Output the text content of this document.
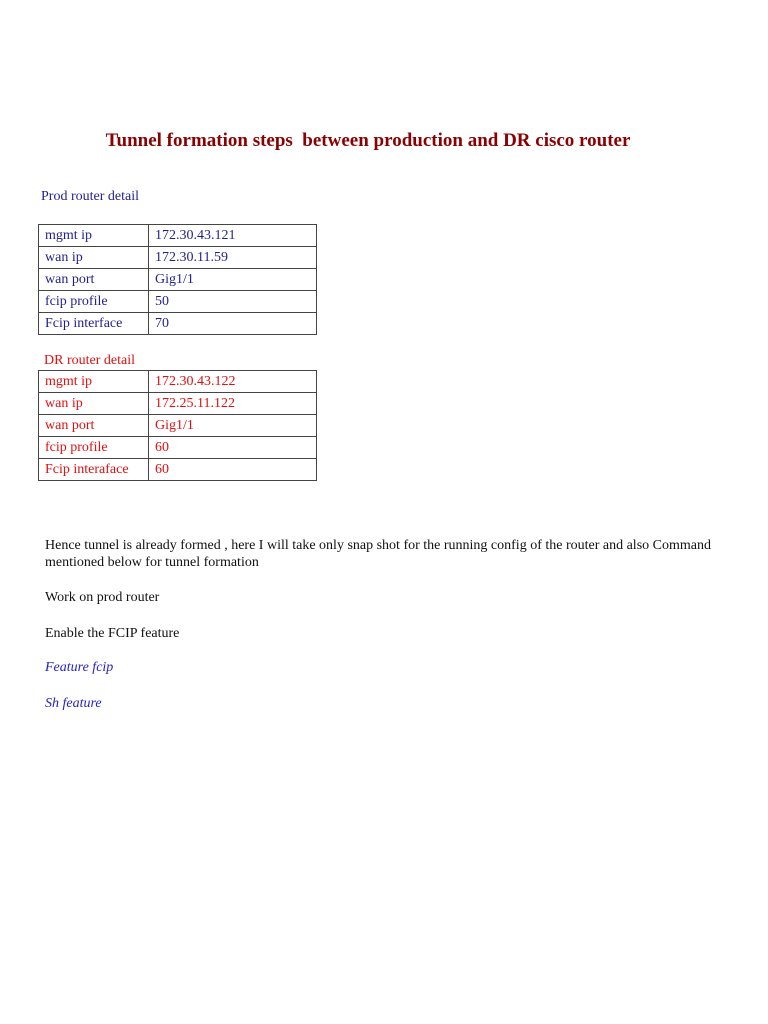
Tunnel formation steps  between production and DR cisco router
Prod router detail
mgmt ip	172.30.43.121
wan ip	172.30.11.59
wan port	Gig1/1
fcip profile	50
Fcip interface	70
DR router detail
mgmt ip	172.30.43.122
wan ip	172.25.11.122
wan port	Gig1/1
fcip profile	60
Fcip interaface	60
Hence tunnel is already formed , here I will take only snap shot for the running config of the router and also Command mentioned below for tunnel formation
Work on prod router
Enable the FCIP feature
Feature fcip
Sh feature
